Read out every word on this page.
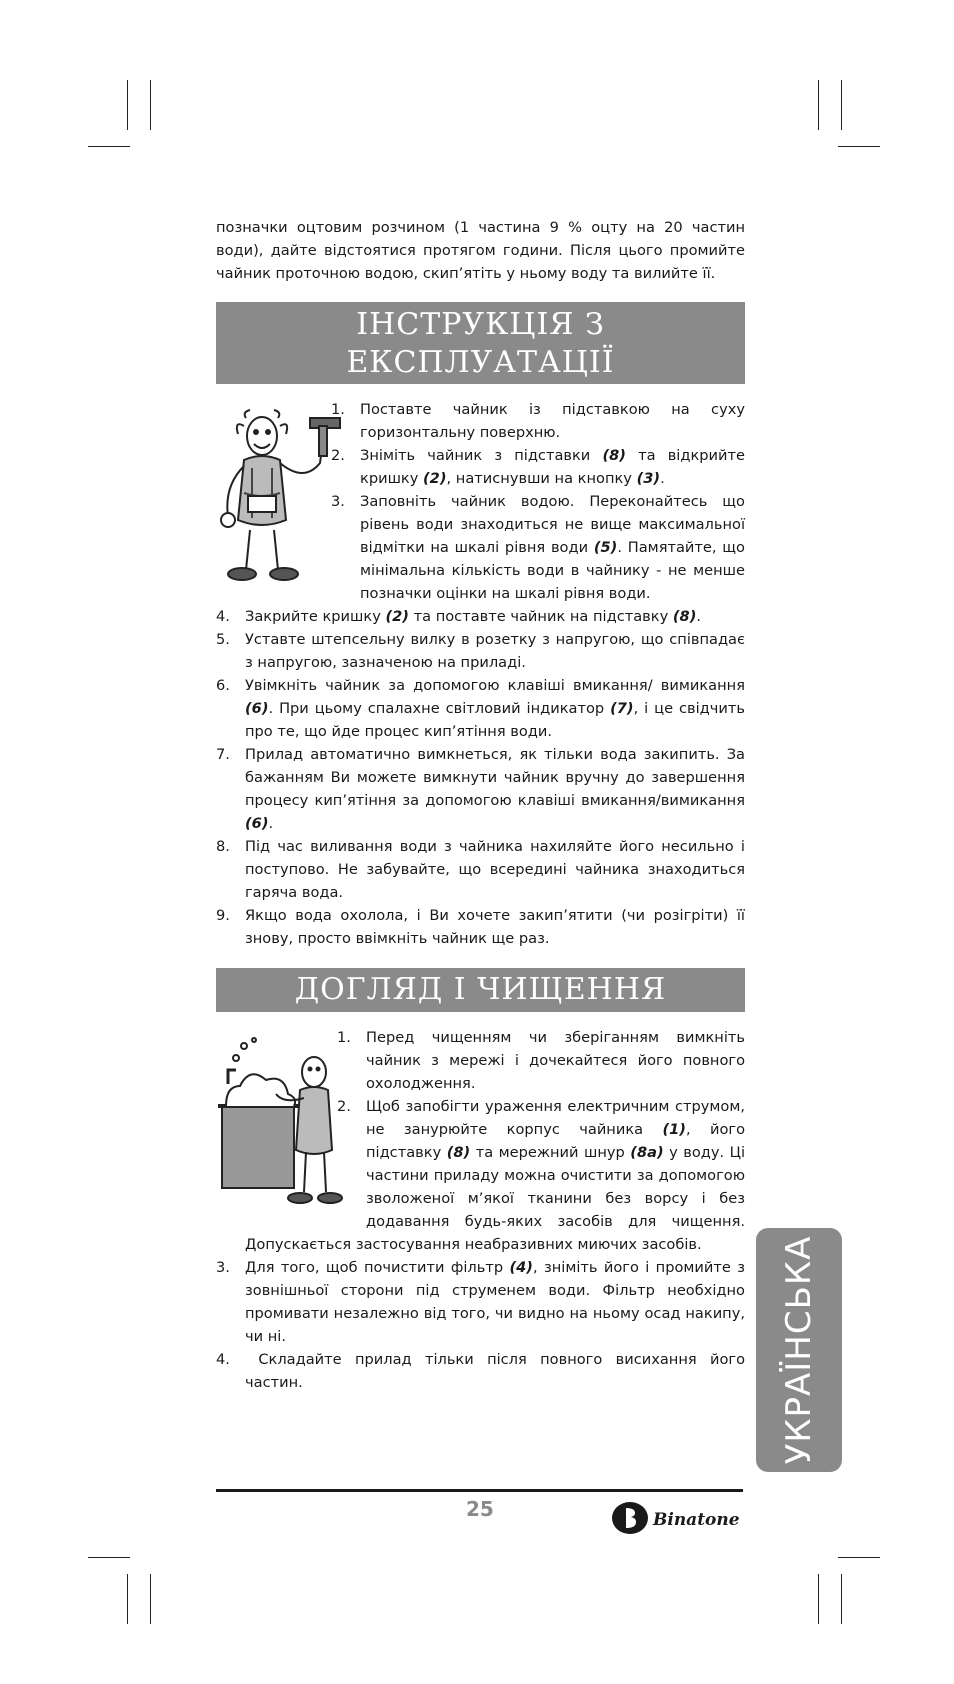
позначки оцтовим розчином (1 частина 9 % оцту на 20 частин води), дайте відстоятися протягом години. Після цього промийте чайник проточною водою, скип’ятіть у ньому воду та вилийте її.

ІНСТРУКЦІЯ З
ЕКСПЛУАТАЦІЇ
1. Поставте чайник із підставкою на суху горизонтальну поверхню.
2. Зніміть чайник з підставки (8) та відкрийте кришку (2), натиснувши на кнопку (3).
3. Заповніть чайник водою. Переконайтесь що рівень води знаходиться не вище максимальної відмітки на шкалі рівня води (5). Памятайте, що мінімальна кількість води в чайнику - не менше позначки оцінки на шкалі рівня води.
4. Закрийте кришку (2) та поставте чайник на підставку (8).
5. Уставте штепсельну вилку в розетку з напругою, що співпадає з напругою, зазначеною на приладі.
6. Увімкніть чайник за допомогою клавіші вмикання/ вимикання (6). При цьому спалахне світловий індикатор (7), і це свідчить про те, що йде процес кип’ятіння води.
7. Прилад автоматично вимкнеться, як тільки вода закипить. За бажанням Ви можете вимкнути чайник вручну до завершення процесу кип’ятіння за допомогою клавіші вмикання/вимикання (6).
8. Під час виливання води з чайника нахиляйте його несильно і поступово. Не забувайте, що всередині чайника знаходиться гаряча вода.
9. Якщо вода охолола, і Ви хочете закип’ятити (чи розігріти) її знову, просто ввімкніть чайник ще раз.
ДОГЛЯД І ЧИЩЕННЯ
1. Перед чищенням чи зберіганням вимкніть чайник з мережі і дочекайтеся його повного охолодження.
2. Щоб запобігти ураження електричним струмом, не занурюйте корпус чайника (1), його підставку (8) та мережний шнур (8a) у воду. Ці частини приладу можна очистити за допомогою зволоженої м’якої тканини без ворсу і без додавання будь-яких засобів для чищення. Допускається застосування неабразивних миючих засобів.
3. Для того, щоб почистити фільтр (4), зніміть його і промийте з зовнішньої сторони під струменем води. Фільтр необхідно промивати незалежно від того, чи видно на ньому осад накипу, чи ні.
4. Складайте прилад тільки після повного висихання його частин.	УКРАЇНСЬКА
25	Binatone
